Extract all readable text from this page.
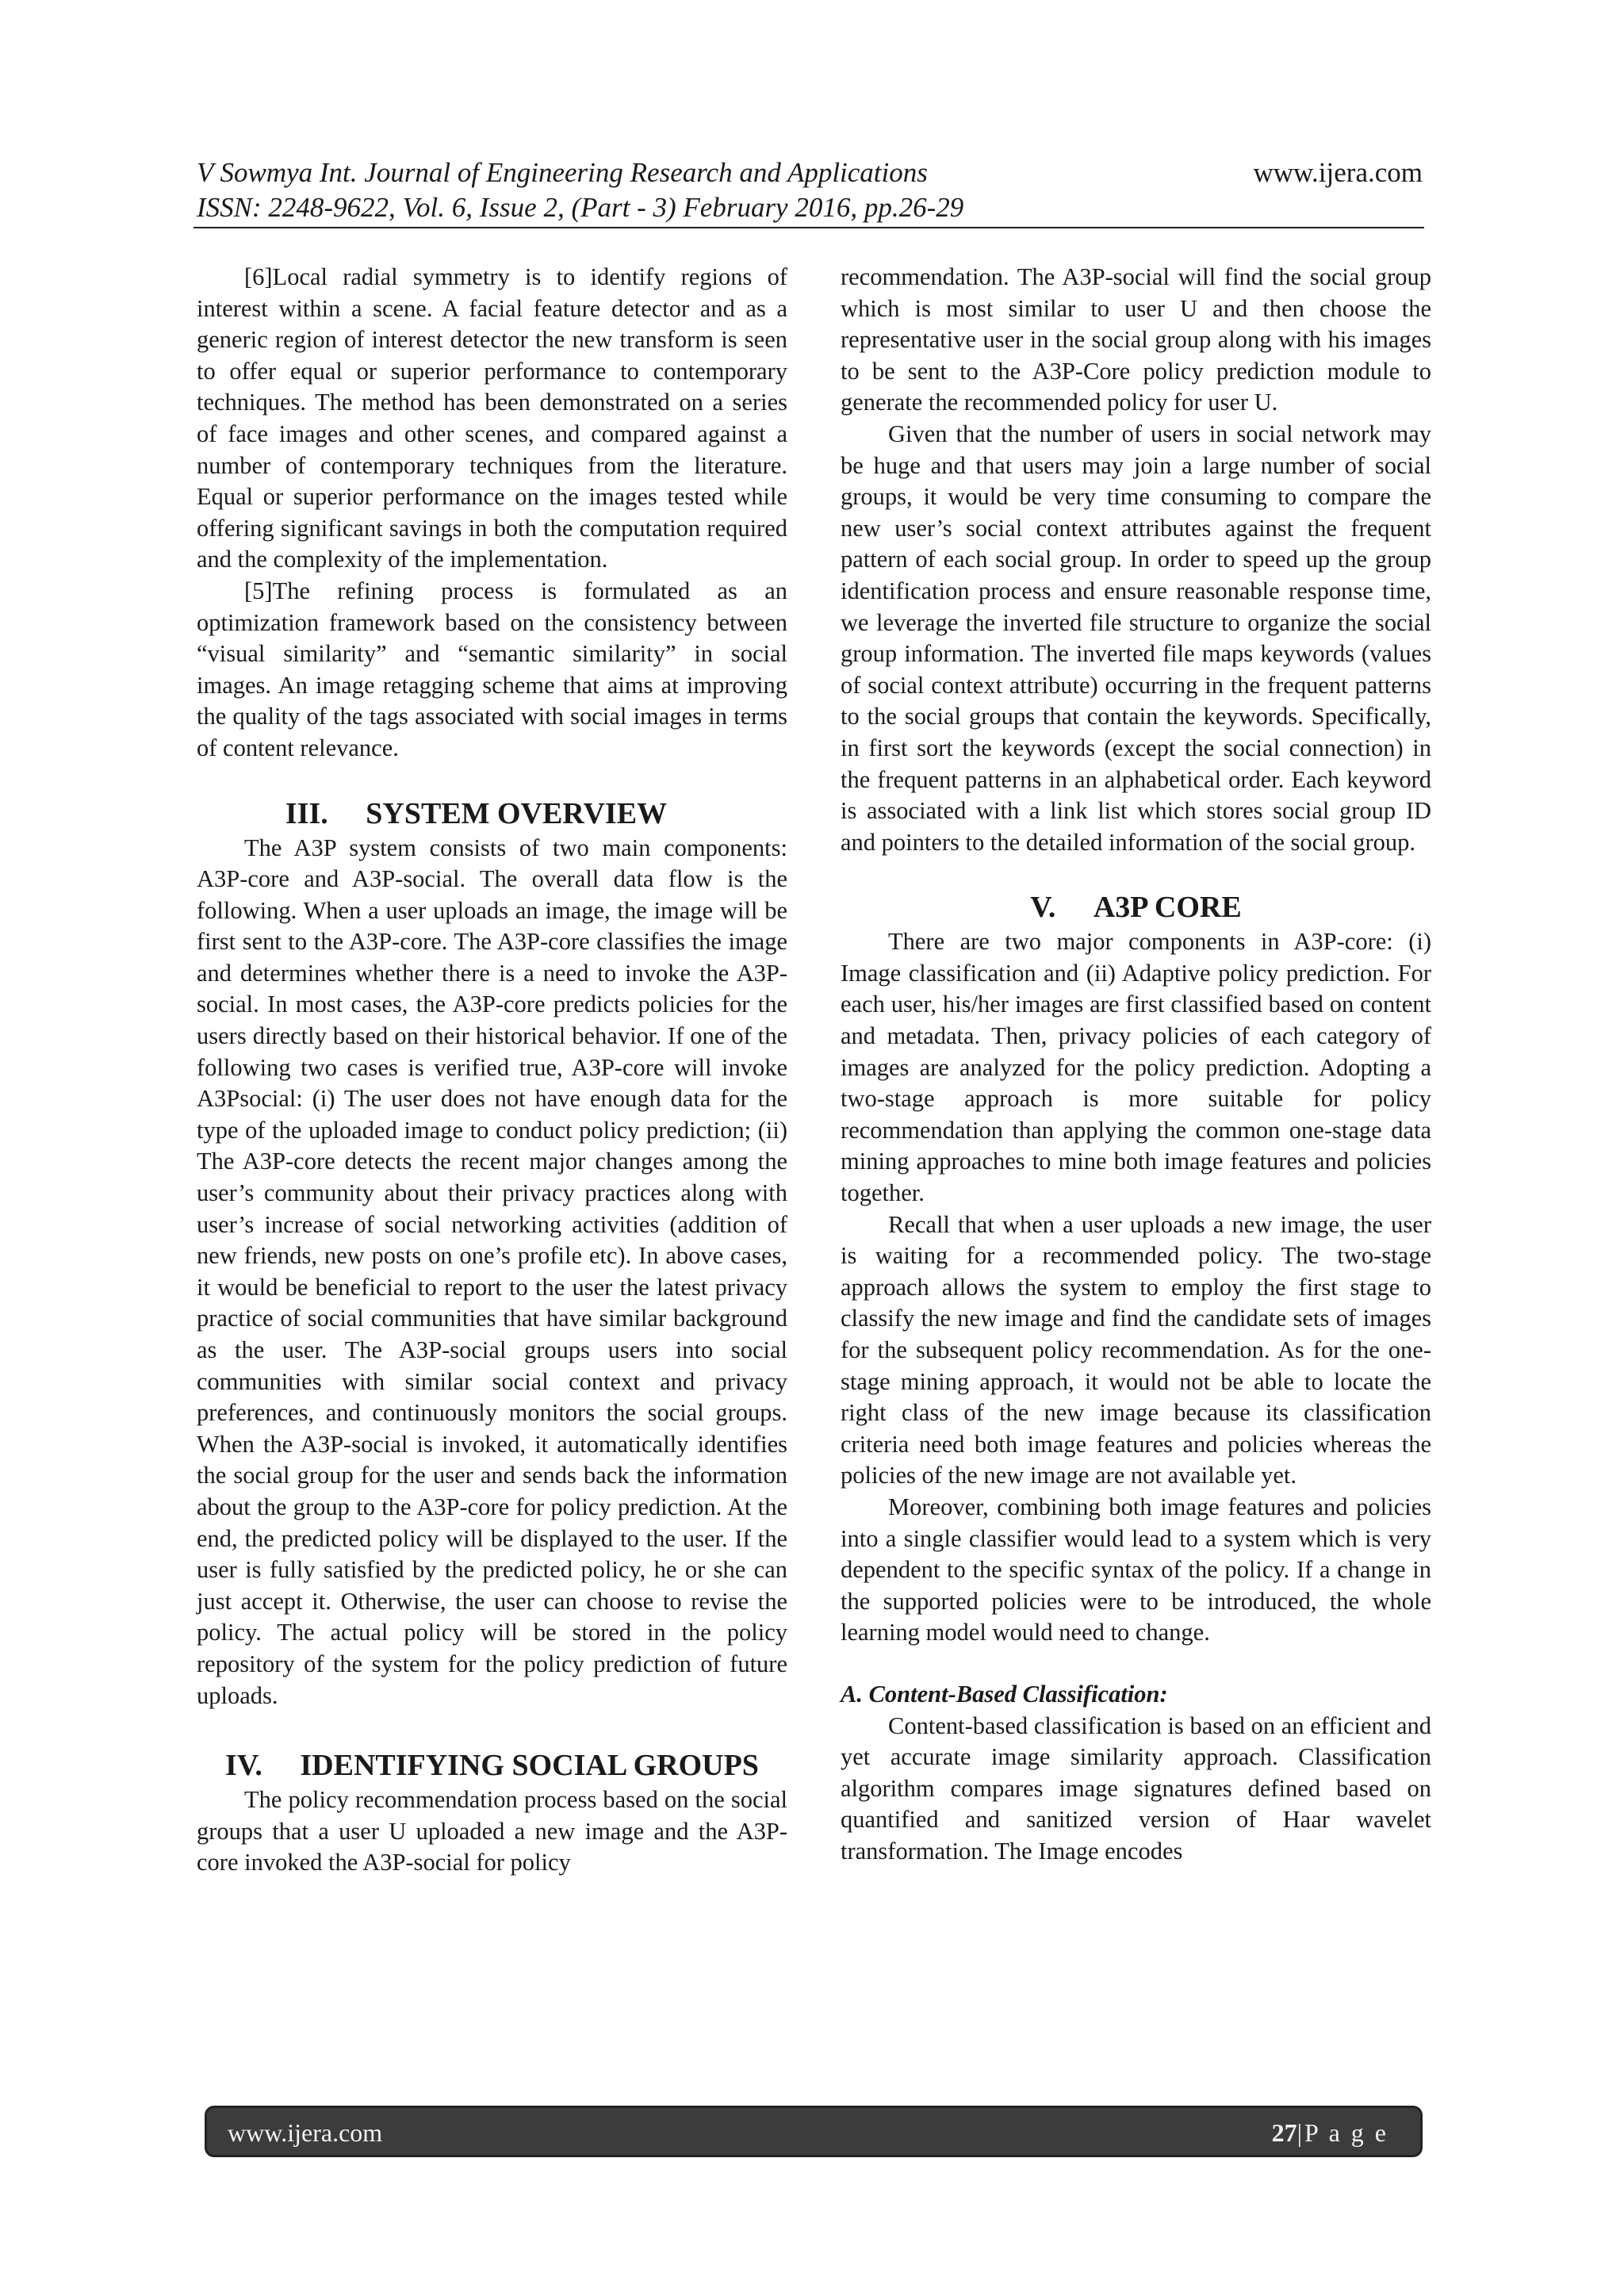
V Sowmya Int. Journal of Engineering Research and Applications	www.ijera.com
ISSN: 2248-9622, Vol. 6, Issue 2, (Part - 3) February 2016, pp.26-29

[6]Local radial symmetry is to identify regions of interest within a scene. A facial feature detector and as a generic region of interest detector the new transform is seen to offer equal or superior performance to contemporary techniques. The method has been demonstrated on a series of face images and other scenes, and compared against a number of contemporary techniques from the literature. Equal or superior performance on the images tested while offering significant savings in both the computation required and the complexity of the implementation.

[5]The refining process is formulated as an optimization framework based on the consistency between “visual similarity” and “semantic similarity” in social images. An image retagging scheme that aims at improving the quality of the tags associated with social images in terms of content relevance.

III.     SYSTEM OVERVIEW

The A3P system consists of two main components: A3P-core and A3P-social. The overall data flow is the following. When a user uploads an image, the image will be first sent to the A3P-core. The A3P-core classifies the image and determines whether there is a need to invoke the A3P-social. In most cases, the A3P-core predicts policies for the users directly based on their historical behavior. If one of the following two cases is verified true, A3P-core will invoke A3Psocial: (i) The user does not have enough data for the type of the uploaded image to conduct policy prediction; (ii) The A3P-core detects the recent major changes among the user’s community about their privacy practices along with user’s increase of social networking activities (addition of new friends, new posts on one’s profile etc). In above cases, it would be beneficial to report to the user the latest privacy practice of social communities that have similar background as the user. The A3P-social groups users into social communities with similar social context and privacy preferences, and continuously monitors the social groups. When the A3P-social is invoked, it automatically identifies the social group for the user and sends back the information about the group to the A3P-core for policy prediction. At the end, the predicted policy will be displayed to the user. If the user is fully satisfied by the predicted policy, he or she can just accept it. Otherwise, the user can choose to revise the policy. The actual policy will be stored in the policy repository of the system for the policy prediction of future uploads.

IV.     IDENTIFYING SOCIAL GROUPS

The policy recommendation process based on the social groups that a user U uploaded a new image and the A3P-core invoked the A3P-social for policy

recommendation. The A3P-social will find the social group which is most similar to user U and then choose the representative user in the social group along with his images to be sent to the A3P-Core policy prediction module to generate the recommended policy for user U.

Given that the number of users in social network may be huge and that users may join a large number of social groups, it would be very time consuming to compare the new user’s social context attributes against the frequent pattern of each social group. In order to speed up the group identification process and ensure reasonable response time, we leverage the inverted file structure to organize the social group information. The inverted file maps keywords (values of social context attribute) occurring in the frequent patterns to the social groups that contain the keywords. Specifically, in first sort the keywords (except the social connection) in the frequent patterns in an alphabetical order. Each keyword is associated with a link list which stores social group ID and pointers to the detailed information of the social group.

V.     A3P CORE

There are two major components in A3P-core: (i) Image classification and (ii) Adaptive policy prediction. For each user, his/her images are first classified based on content and metadata. Then, privacy policies of each category of images are analyzed for the policy prediction. Adopting a two-stage approach is more suitable for policy recommendation than applying the common one-stage data mining approaches to mine both image features and policies together.

Recall that when a user uploads a new image, the user is waiting for a recommended policy. The two-stage approach allows the system to employ the first stage to classify the new image and find the candidate sets of images for the subsequent policy recommendation. As for the one-stage mining approach, it would not be able to locate the right class of the new image because its classification criteria need both image features and policies whereas the policies of the new image are not available yet.

Moreover, combining both image features and policies into a single classifier would lead to a system which is very dependent to the specific syntax of the policy. If a change in the supported policies were to be introduced, the whole learning model would need to change.

A. Content-Based Classification:

Content-based classification is based on an efficient and yet accurate image similarity approach. Classification algorithm compares image signatures defined based on quantified and sanitized version of Haar wavelet transformation. The Image encodes

www.ijera.com	27|P a g e
